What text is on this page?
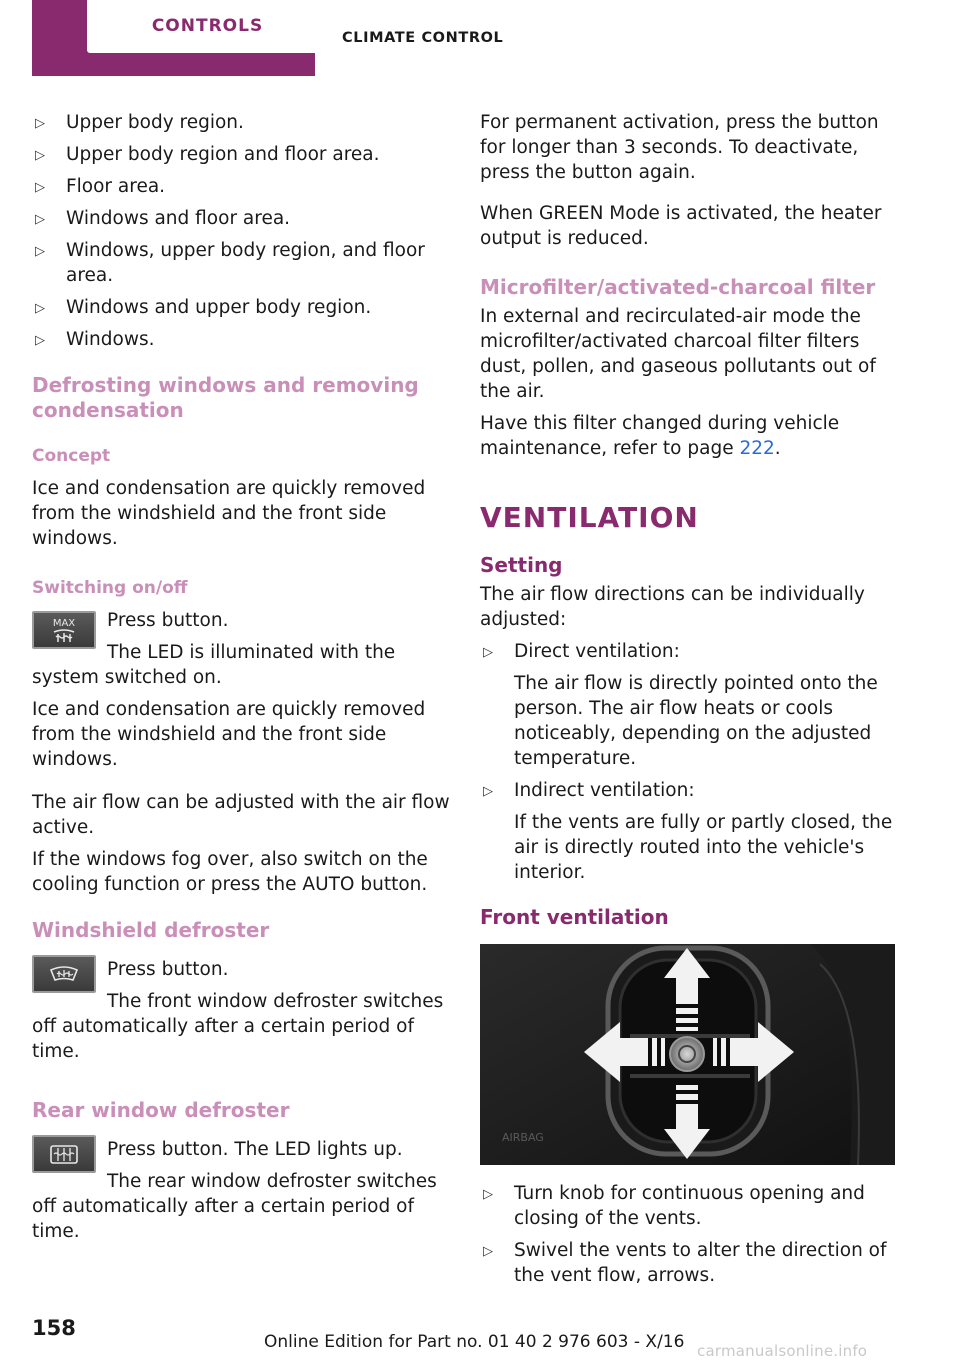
CONTROLS
CLIMATE CONTROL
▷ Upper body region.
▷ Upper body region and floor area.
▷ Floor area.
▷ Windows and floor area.
▷ Windows, upper body region, and floor area.
▷ Windows and upper body region.
▷ Windows.
Defrosting windows and removing condensation
Concept

Ice and condensation are quickly removed from the windshield and the front side windows.

Switching on/off
MAX Press button.

The LED is illuminated with the system switched on.

Ice and condensation are quickly removed from the windshield and the front side windows.

The air flow can be adjusted with the air flow active.

If the windows fog over, also switch on the cooling function or press the AUTO button.

Windshield defroster

Press button.

The front window defroster switches off automatically after a certain period of time.

Rear window defroster

Press button. The LED lights up.

The rear window defroster switches off automatically after a certain period of time.

For permanent activation, press the button for longer than 3 seconds. To deactivate, press the button again.

When GREEN Mode is activated, the heater output is reduced.

Microfilter/activated-charcoal filter

In external and recirculated-air mode the microfilter/activated charcoal filter filters dust, pollen, and gaseous pollutants out of the air.

Have this filter changed during vehicle maintenance, refer to page 222.

VENTILATION
Setting

The air flow directions can be individually adjusted:

▷ Direct ventilation:
The air flow is directly pointed onto the person. The air flow heats or cools noticeably, depending on the adjusted temperature.
▷ Indirect ventilation:
If the vents are fully or partly closed, the air is directly routed into the vehicle's interior.
Front ventilation
AIRBAG
▷ Turn knob for continuous opening and closing of the vents.
▷ Swivel the vents to alter the direction of the vent flow, arrows.
158
Online Edition for Part no. 01 40 2 976 603 - X/16 carmanualsonline.info
